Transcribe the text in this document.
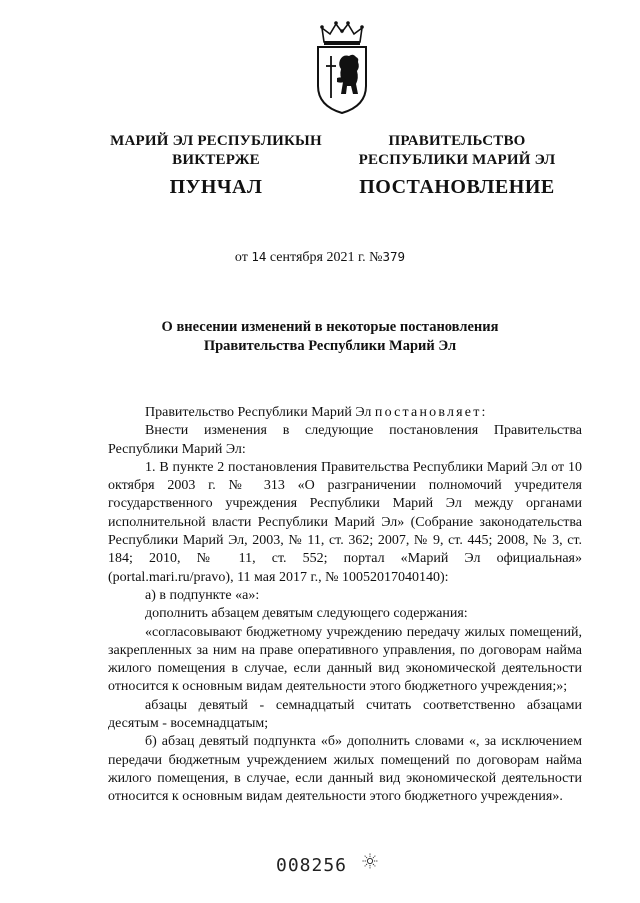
МАРИЙ ЭЛ РЕСПУБЛИКЫН
ВИКТЕРЖЕ
ПУНЧАЛ
ПРАВИТЕЛЬСТВО
РЕСПУБЛИКИ МАРИЙ ЭЛ
ПОСТАНОВЛЕНИЕ
от 14 сентября 2021 г. №379
О внесении изменений в некоторые постановления
Правительства Республики Марий Эл
Правительство Республики Марий Эл постановляет:
Внести изменения в следующие постановления Правительства Республики Марий Эл:
1. В пункте 2 постановления Правительства Республики Марий Эл от 10 октября 2003 г. № 313 «О разграничении полномочий учредителя государственного учреждения Республики Марий Эл между органами исполнительной власти Республики Марий Эл» (Собрание законодательства Республики Марий Эл, 2003, № 11, ст. 362; 2007, № 9, ст. 445; 2008, № 3, ст. 184; 2010, № 11, ст. 552; портал «Марий Эл официальная» (portal.mari.ru/pravo), 11 мая 2017 г., № 10052017040140):
а) в подпункте «а»:
дополнить абзацем девятым следующего содержания:
«согласовывают бюджетному учреждению передачу жилых помещений, закрепленных за ним на праве оперативного управления, по договорам найма жилого помещения в случае, если данный вид экономической деятельности относится к основным видам деятельности этого бюджетного учреждения;»;
абзацы девятый - семнадцатый считать соответственно абзацами десятым - восемнадцатым;
б) абзац девятый подпункта «б» дополнить словами «, за исключением передачи бюджетным учреждением жилых помещений по договорам найма жилого помещения, в случае, если данный вид экономической деятельности относится к основным видам деятельности этого бюджетного учреждения».
008256
